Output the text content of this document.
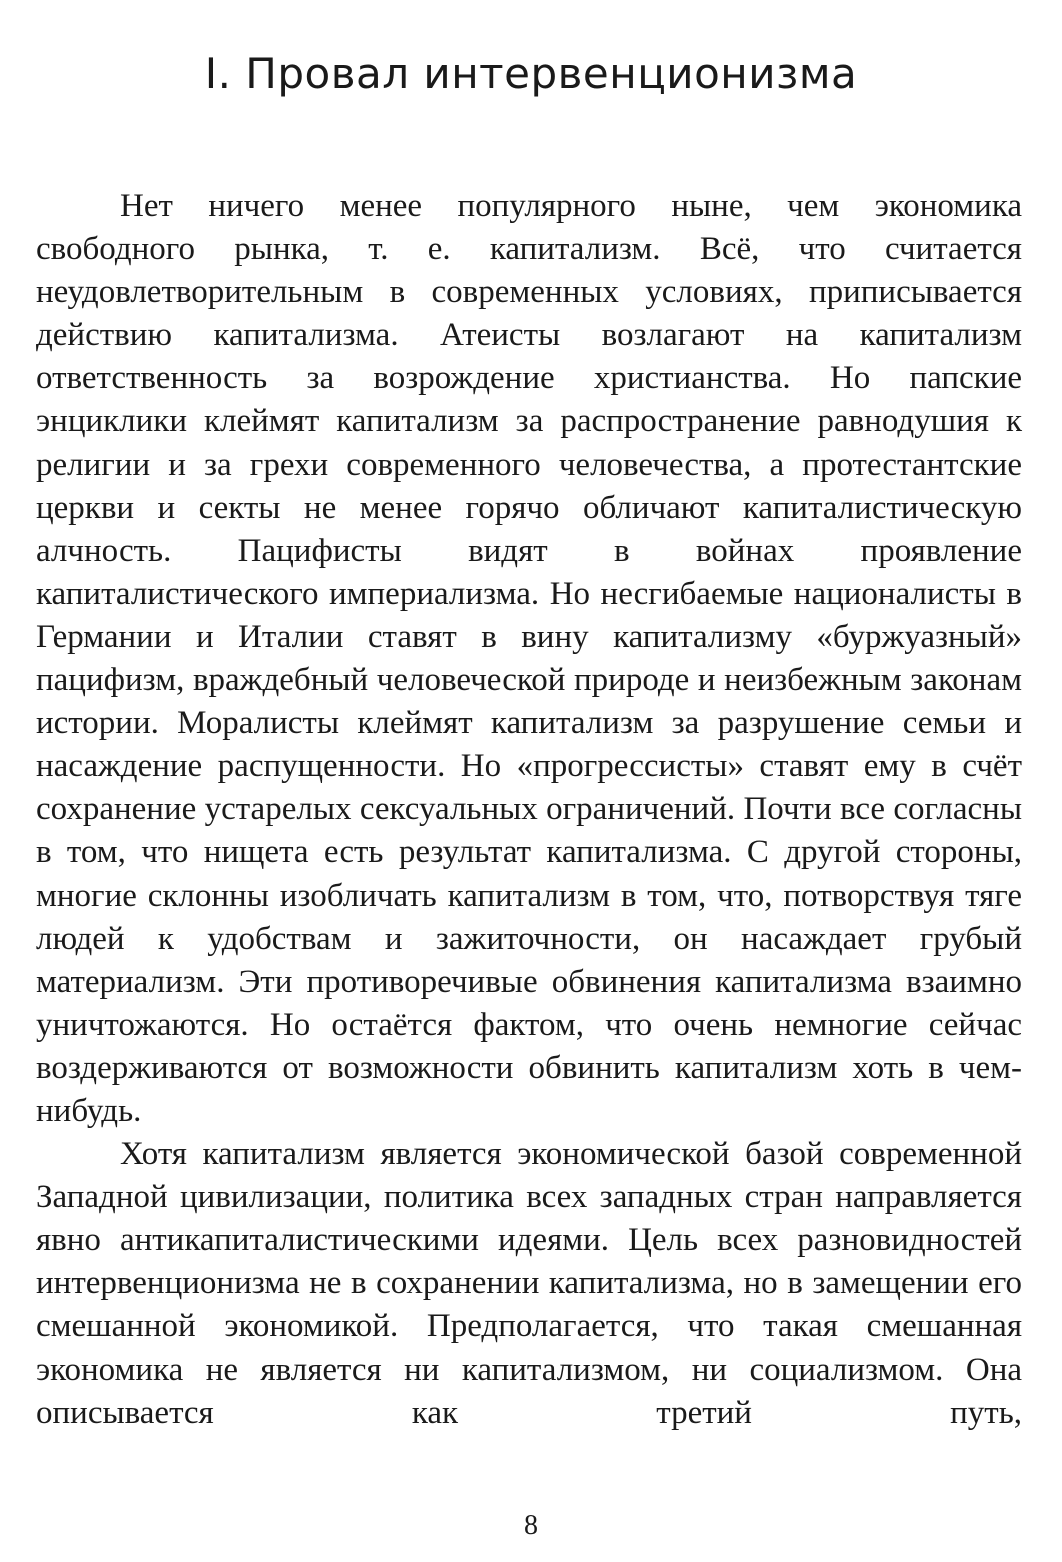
I. Провал интервенционизма

Нет ничего менее популярного ныне, чем экономика свободного рынка, т. е. капитализм. Всё, что считается неудовлетворительным в современных условиях, приписывается действию капитализма. Атеисты возлагают на капитализм ответственность за возрождение христианства. Но папские энциклики клеймят капитализм за распространение равнодушия к религии и за грехи современного человечества, а протестантские церкви и секты не менее горячо обличают капиталистическую алчность. Пацифисты видят в войнах проявление капиталистического империализма. Но несгибаемые националисты в Германии и Италии ставят в вину капитализму «буржуазный» пацифизм, враждебный человеческой природе и неизбежным законам истории. Моралисты клеймят капитализм за разрушение семьи и насаждение распущенности. Но «прогрессисты» ставят ему в счёт сохранение устарелых сексуальных ограничений. Почти все согласны в том, что нищета есть результат капитализма. С другой стороны, многие склонны изобличать капитализм в том, что, потворствуя тяге людей к удобствам и зажиточности, он насаждает грубый материализм. Эти противоречивые обвинения капитализма взаимно уничтожаются. Но остаётся фактом, что очень немногие сейчас воздерживаются от возможности обвинить капитализм хоть в чем-нибудь.

Хотя капитализм является экономической базой современной Западной цивилизации, политика всех западных стран направляется явно антикапиталистическими идеями. Цель всех разновидностей интервенционизма не в сохранении капитализма, но в замещении его смешанной экономикой. Предполагается, что такая смешанная экономика не является ни капитализмом, ни социализмом. Она описывается как третий путь,

8
